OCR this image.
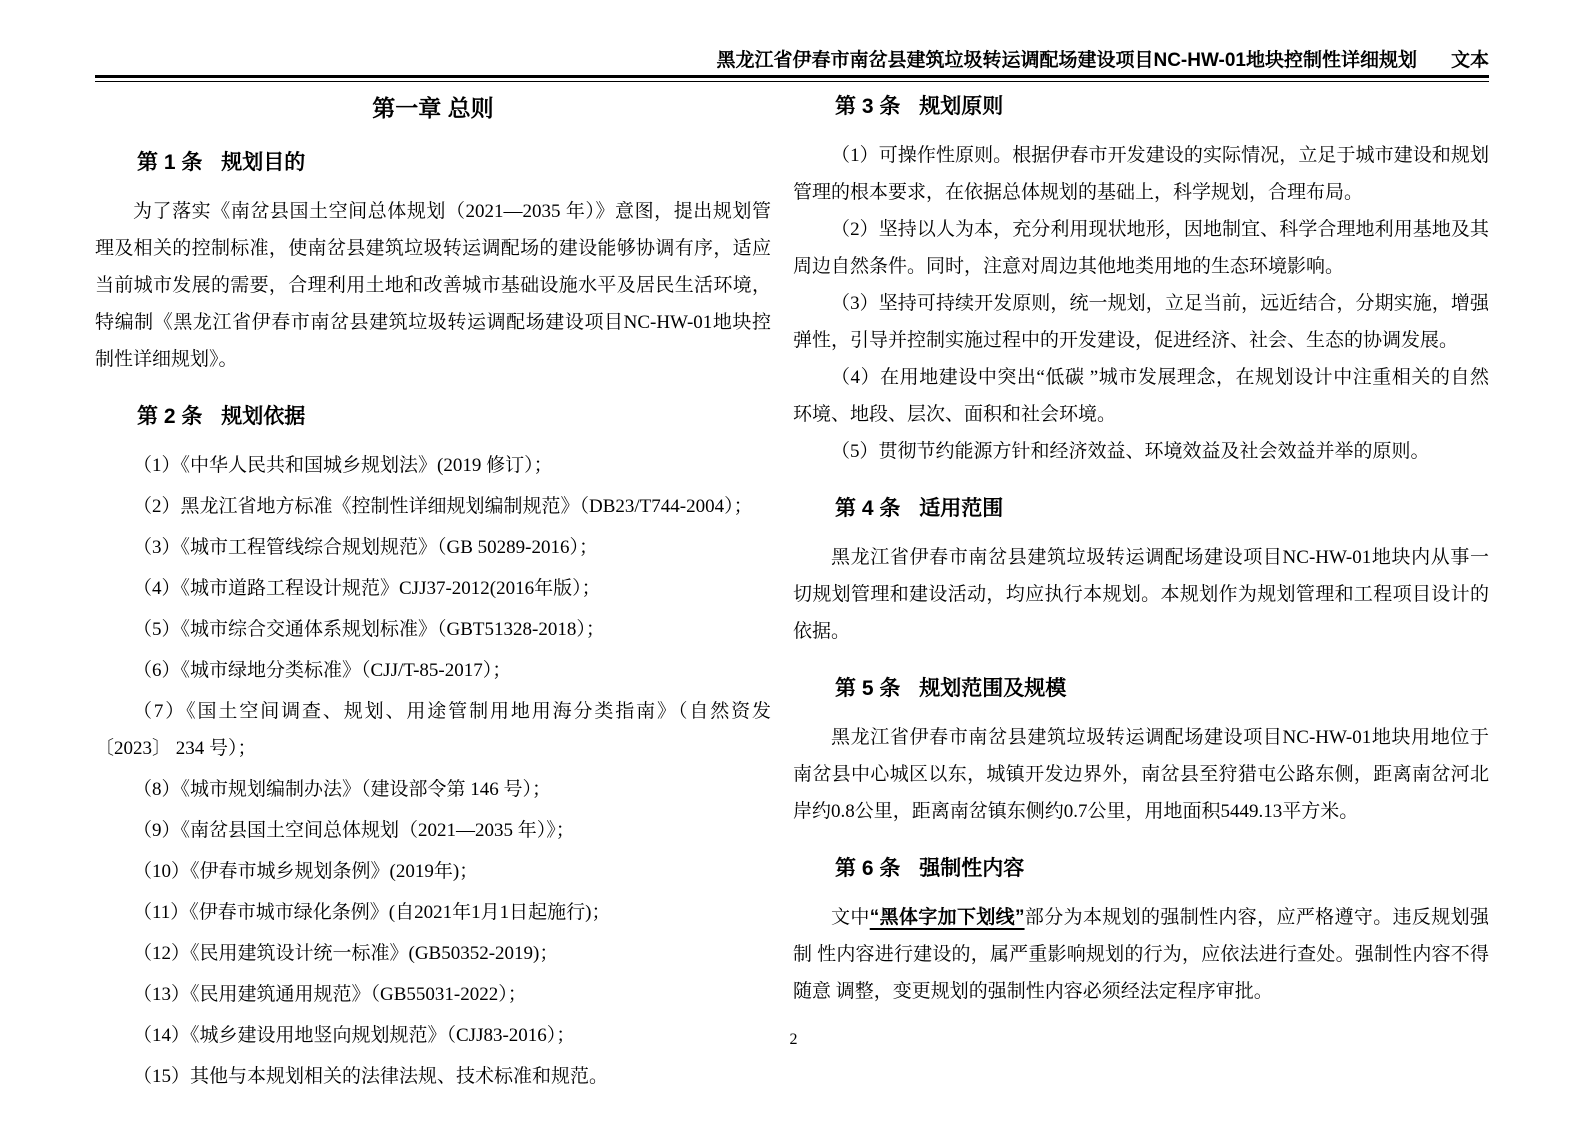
黑龙江省伊春市南岔县建筑垃圾转运调配场建设项目NC-HW-01地块控制性详细规划 文本
第一章 总则
第 1 条 规划目的

为了落实《南岔县国土空间总体规划（2021—2035 年）》意图，提出规划管理及相关的控制标准，使南岔县建筑垃圾转运调配场的建设能够协调有序，适应当前城市发展的需要，合理利用土地和改善城市基础设施水平及居民生活环境，特编制《黑龙江省伊春市南岔县建筑垃圾转运调配场建设项目NC-HW-01地块控制性详细规划》。

第 2 条 规划依据

（1）《中华人民共和国城乡规划法》(2019 修订）；

（2）黑龙江省地方标准《控制性详细规划编制规范》（DB23/T744-2004）；

（3）《城市工程管线综合规划规范》（GB 50289-2016）；

（4）《城市道路工程设计规范》CJJ37-2012(2016年版）；

（5）《城市综合交通体系规划标准》（GBT51328-2018）；

（6）《城市绿地分类标准》（CJJ/T-85-2017）；

（7）《国土空间调查、规划、用途管制用地用海分类指南》（自然资发〔2023〕 234 号）；

（8）《城市规划编制办法》（建设部令第 146 号）；

（9）《南岔县国土空间总体规划（2021—2035 年）》；

（10）《伊春市城乡规划条例》(2019年)；

（11）《伊春市城市绿化条例》(自2021年1月1日起施行)；

（12）《民用建筑设计统一标准》(GB50352-2019)；

（13）《民用建筑通用规范》（GB55031-2022）；

（14）《城乡建设用地竖向规划规范》（CJJ83-2016）；

（15）其他与本规划相关的法律法规、技术标准和规范。

第 3 条 规划原则

（1）可操作性原则。根据伊春市开发建设的实际情况，立足于城市建设和规划管理的根本要求，在依据总体规划的基础上，科学规划，合理布局。

（2）坚持以人为本，充分利用现状地形，因地制宜、科学合理地利用基地及其周边自然条件。同时，注意对周边其他地类用地的生态环境影响。

（3）坚持可持续开发原则，统一规划，立足当前，远近结合，分期实施，增强弹性，引导并控制实施过程中的开发建设，促进经济、社会、生态的协调发展。

（4）在用地建设中突出“低碳 ”城市发展理念，在规划设计中注重相关的自然环境、地段、层次、面积和社会环境。

（5）贯彻节约能源方针和经济效益、环境效益及社会效益并举的原则。

第 4 条 适用范围

黑龙江省伊春市南岔县建筑垃圾转运调配场建设项目NC-HW-01地块内从事一切规划管理和建设活动，均应执行本规划。本规划作为规划管理和工程项目设计的依据。

第 5 条 规划范围及规模

黑龙江省伊春市南岔县建筑垃圾转运调配场建设项目NC-HW-01地块用地位于南岔县中心城区以东，城镇开发边界外，南岔县至狩猎屯公路东侧，距离南岔河北岸约0.8公里，距离南岔镇东侧约0.7公里，用地面积5449.13平方米。

第 6 条 强制性内容

文中“黑体字加下划线”部分为本规划的强制性内容，应严格遵守。违反规划强制 性内容进行建设的，属严重影响规划的行为，应依法进行查处。强制性内容不得随意 调整，变更规划的强制性内容必须经法定程序审批。

2
